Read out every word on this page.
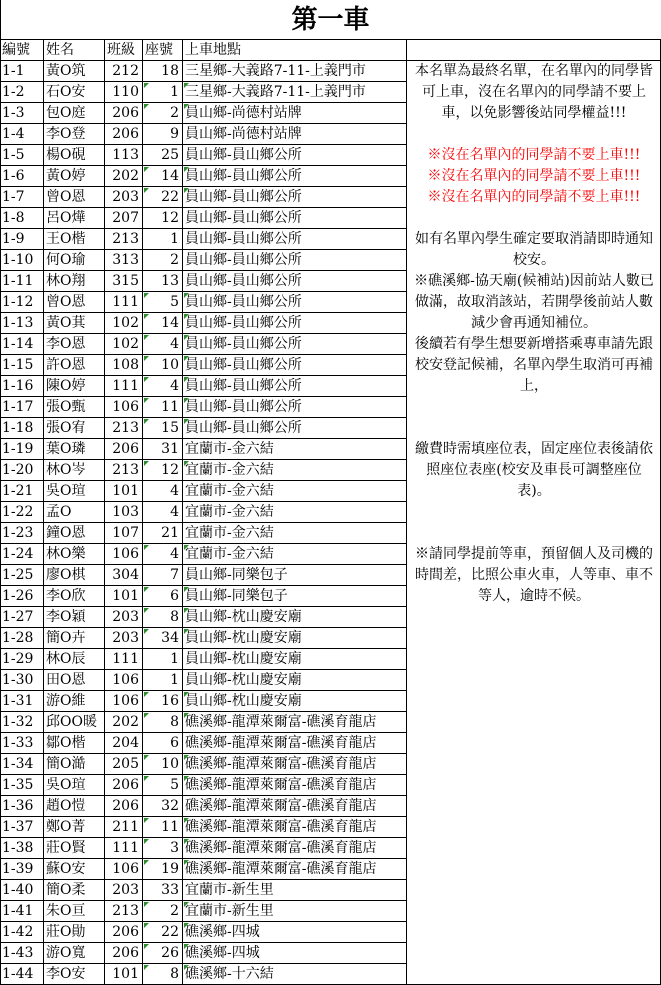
第一車
編號	姓名	班級 座號 上車地點
1-1	黃O筑	212	18 三星鄉-大義路7-11-上義門市
1-2	石O安	110	1 三星鄉-大義路7-11-上義門市
1-3	包O庭	206	2 員山鄉-尚德村站牌
1-4	李O登	206	9 員山鄉-尚德村站牌
1-5	楊O硯	113	25 員山鄉-員山鄉公所
1-6	黃O婷	202	14 員山鄉-員山鄉公所
1-7	曾O恩	203	22 員山鄉-員山鄉公所
1-8	呂O燁	207	12 員山鄉-員山鄉公所
1-9	王O楷	213	1 員山鄉-員山鄉公所
1-10 何O瑜	313	2 員山鄉-員山鄉公所
1-11 林O翔	315	13 員山鄉-員山鄉公所
1-12 曾O恩	111	5 員山鄉-員山鄉公所
1-13 黃O萁	102	14 員山鄉-員山鄉公所
1-14 李O恩	102	4 員山鄉-員山鄉公所
1-15 許O恩	108	10 員山鄉-員山鄉公所
1-16 陳O婷	111	4 員山鄉-員山鄉公所
1-17 張O甄	106	11 員山鄉-員山鄉公所
1-18 張O宥	213	15 員山鄉-員山鄉公所
1-19 葉O璘	206	31 宜蘭市-金六結
1-20 林O岑	213	12 宜蘭市-金六結
1-21 吳O瑄	101	4 宜蘭市-金六結
1-22 孟O	103	4 宜蘭市-金六結
1-23 鐘O恩	107	21 宜蘭市-金六結
1-24 林O樂	106	4 宜蘭市-金六結
1-25 廖O棋	304	7 員山鄉-同樂包子
1-26 李O欣	101	6 員山鄉-同樂包子
1-27 李O穎	203	8 員山鄉-枕山慶安廟
1-28 簡O卉	203	34 員山鄉-枕山慶安廟
1-29 林O辰	111	1 員山鄉-枕山慶安廟
1-30 田O恩	106	1 員山鄉-枕山慶安廟
1-31 游O維	106	16 員山鄉-枕山慶安廟
1-32 邱OO暖	202	8 礁溪鄉-龍潭萊爾富-礁溪育龍店
1-33 鄒O楷	204	6 礁溪鄉-龍潭萊爾富-礁溪育龍店
1-34 簡O澔	205	10 礁溪鄉-龍潭萊爾富-礁溪育龍店
1-35 吳O瑄	206	5 礁溪鄉-龍潭萊爾富-礁溪育龍店
1-36 趙O愷	206	32 礁溪鄉-龍潭萊爾富-礁溪育龍店
1-37 鄭O菁	211	11 礁溪鄉-龍潭萊爾富-礁溪育龍店
1-38 莊O賢	111	3 礁溪鄉-龍潭萊爾富-礁溪育龍店
1-39 蘇O安	106	19 礁溪鄉-龍潭萊爾富-礁溪育龍店
1-40 簡O柔	203	33 宜蘭市-新生里
1-41 朱O亘	213	2 宜蘭市-新生里
1-42 莊O勛	206	22 礁溪鄉-四城
1-43 游O寬	206	26 礁溪鄉-四城
1-44 李O安	101	8 礁溪鄉-十六結
本名單為最終名單，在名單內的同學皆可上車，沒在名單內的同學請不要上車，以免影響後站同學權益!!!
※沒在名單內的同學請不要上車!!!
※沒在名單內的同學請不要上車!!!
※沒在名單內的同學請不要上車!!!
如有名單內學生確定要取消請即時通知校安。
※礁溪鄉-協天廟(候補站)因前站人數已做滿，故取消該站，若開學後前站人數減少會再通知補位。
後續若有學生想要新增搭乘專車請先跟校安登記候補，名單內學生取消可再補上，
繳費時需填座位表，固定座位表後請依照座位表座(校安及車長可調整座位表)。
※請同學提前等車，預留個人及司機的時間差，比照公車火車，人等車、車不等人，逾時不候。
